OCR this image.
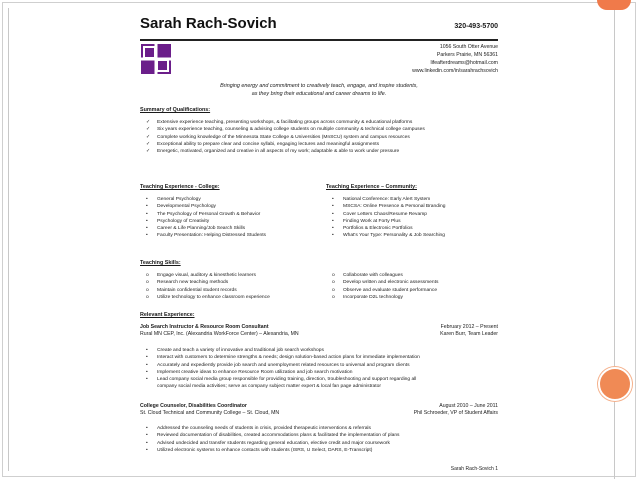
Sarah Rach-Sovich	320-493-5700
1056 South Otter Avenue
Parkers Prairie, MN 56361
lifeafterdreams@hotmail.com
www.linkedin.com/in/sarahrachsovich
Bringing energy and commitment to creatively teach, engage, and inspire students,
as they bring their educational and career dreams to life.
Summary of Qualifications:
✓ Extensive experience teaching, presenting workshops, & facilitating groups across community & educational platforms
✓ Six years experience teaching, counseling & advising college students on multiple community & technical college campuses
✓ Complete working knowledge of the Minnesota State College & Universities (MnSCU) system and campus resources
✓ Exceptional ability to prepare clear and concise syllabi, engaging lectures and meaningful assignments
✓ Energetic, motivated, organized and creative in all aspects of my work; adaptable & able to work under pressure
Teaching Experience - College:
• General Psychology
• Developmental Psychology
• The Psychology of Personal Growth & Behavior
• Psychology of Creativity
• Career & Life Planning/Job Search Skills
• Faculty Presentation: Helping Distressed Students
Teaching Experience – Community:
• National Conference: Early Alert System
• MSCSA: Online Presence & Personal Branding
• Cover Letters Chaos/Resume Revamp
• Finding Work at Forty Plus
• Portfolios & Electronic Portfolios
• What's Your Type: Personality & Job Searching
Teaching Skills:
o Engage visual, auditory & kinesthetic learners
o Research new teaching methods
o Maintain confidential student records
o Utilize technology to enhance classroom experience
o Collaborate with colleagues
o Develop written and electronic assessments
o Observe and evaluate student performance
o Incorporate D2L technology
Relevant Experience:
Job Search Instructor & Resource Room Consultant
Rural MN CEP, Inc. (Alexandria WorkForce Center) – Alexandria, MN
February 2012 – Present
Karen Burr, Team Leader
• Create and teach a variety of innovative and traditional job search workshops
• Interact with customers to determine strengths & needs; design solution-based action plans for immediate implementation
• Accurately and expediently provide job search and unemployment related resources to universal and program clients
• Implement creative ideas to enhance Resource Room utilization and job search motivation
• Lead company social media group responsible for providing training, direction, troubleshooting and support regarding all
company social media activities; serve as company subject matter expert & local fan page administrator
College Counselor, Disabilities Coordinator
St. Cloud Technical and Community College – St. Cloud, MN
August 2010 – June 2011
Phil Schroeder, VP of Student Affairs
• Addressed the counseling needs of students in crisis, provided therapeutic interventions & referrals
• Reviewed documentation of disabilities, created accommodations plans & facilitated the implementation of plans
• Advised undecided and transfer students regarding general education, elective credit and major coursework
• Utilized electronic systems to enhance contacts with students (ISRS, U Select, DARS, E-Transcript)
Sarah Rach-Sovich 1
